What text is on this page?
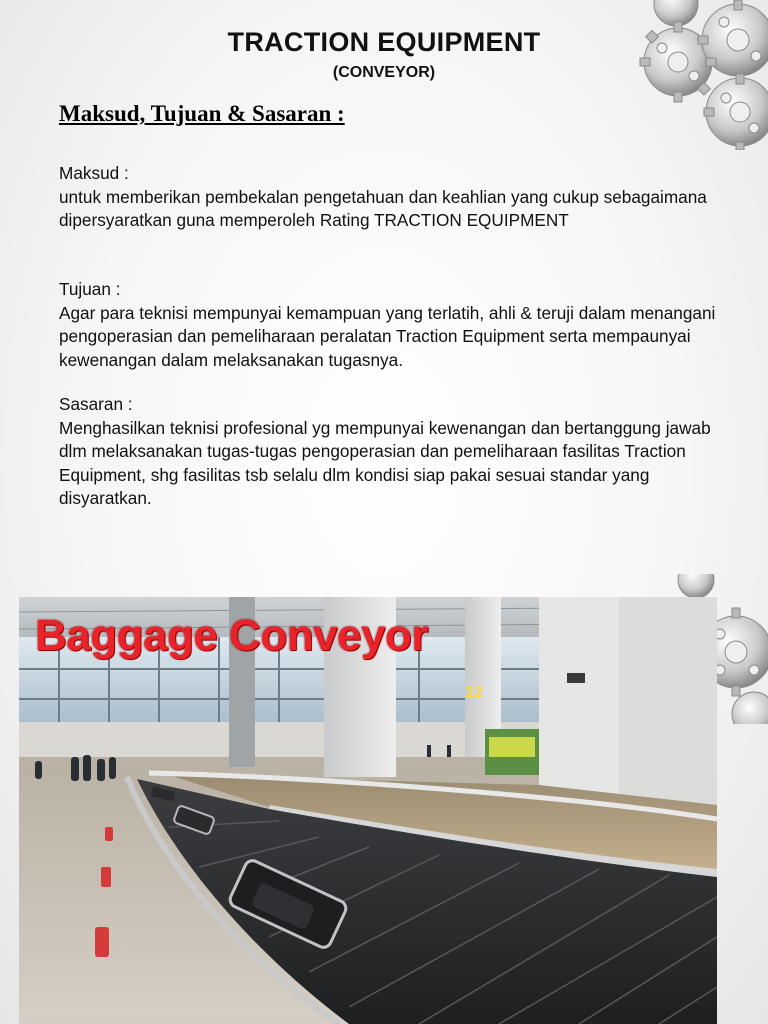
TRACTION EQUIPMENT
(CONVEYOR)
Maksud, Tujuan & Sasaran :
Maksud :
untuk memberikan pembekalan pengetahuan dan keahlian yang cukup sebagaimana dipersyaratkan guna memperoleh Rating TRACTION EQUIPMENT
Tujuan :
Agar para teknisi mempunyai kemampuan yang terlatih, ahli & teruji dalam menangani pengoperasian dan pemeliharaan peralatan Traction Equipment serta mempaunyai kewenangan dalam melaksanakan tugasnya.
Sasaran :
Menghasilkan teknisi profesional yg mempunyai kewenangan dan bertanggung jawab dlm melaksanakan tugas-tugas pengoperasian dan pemeliharaan fasilitas Traction Equipment, shg fasilitas tsb selalu dlm kondisi siap pakai sesuai standar yang disyaratkan.
Baggage Conveyor
12
